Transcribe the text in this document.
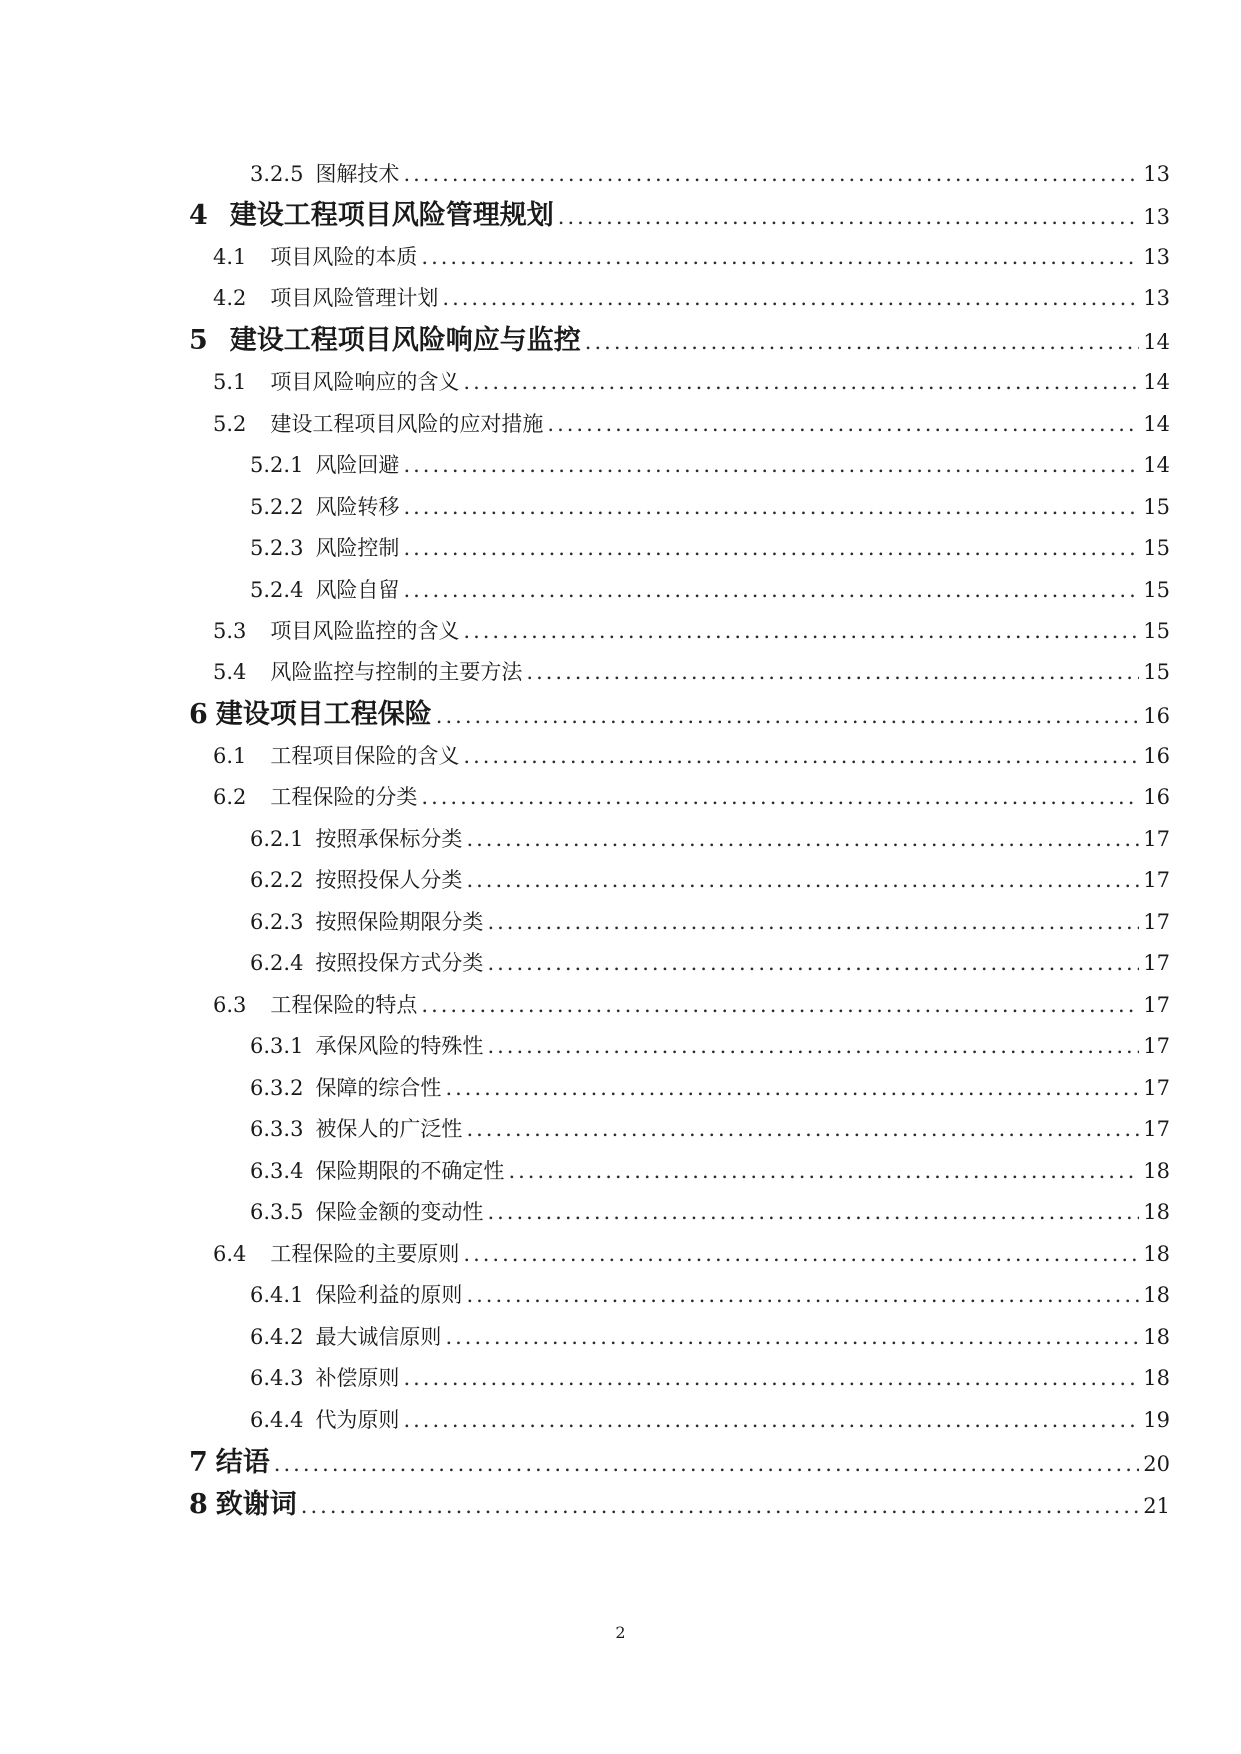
3.2.5 图解技术 .....	13
4 建设工程项目风险管理规划 .....	13
4.1 项目风险的本质 .....	13
4.2 项目风险管理计划 .....	13
5 建设工程项目风险响应与监控 .....	14
5.1 项目风险响应的含义 .....	14
5.2 建设工程项目风险的应对措施 .....	14
5.2.1 风险回避 .....	14
5.2.2 风险转移 .....	15
5.2.3 风险控制 .....	15
5.2.4 风险自留 .....	15
5.3 项目风险监控的含义 .....	15
5.4 风险监控与控制的主要方法 .....	15
6 建设项目工程保险 .....	16
6.1 工程项目保险的含义 .....	16
6.2 工程保险的分类 .....	16
6.2.1 按照承保标分类 .....	17
6.2.2 按照投保人分类 .....	17
6.2.3 按照保险期限分类 .....	17
6.2.4 按照投保方式分类 .....	17
6.3 工程保险的特点 .....	17
6.3.1 承保风险的特殊性 .....	17
6.3.2 保障的综合性 .....	17
6.3.3 被保人的广泛性 .....	17
6.3.4 保险期限的不确定性 .....	18
6.3.5 保险金额的变动性 .....	18
6.4 工程保险的主要原则 .....	18
6.4.1 保险利益的原则 .....	18
6.4.2 最大诚信原则 .....	18
6.4.3 补偿原则 .....	18
6.4.4 代为原则 .....	19
7 结语 .....	20
8 致谢词 .....	21
2
